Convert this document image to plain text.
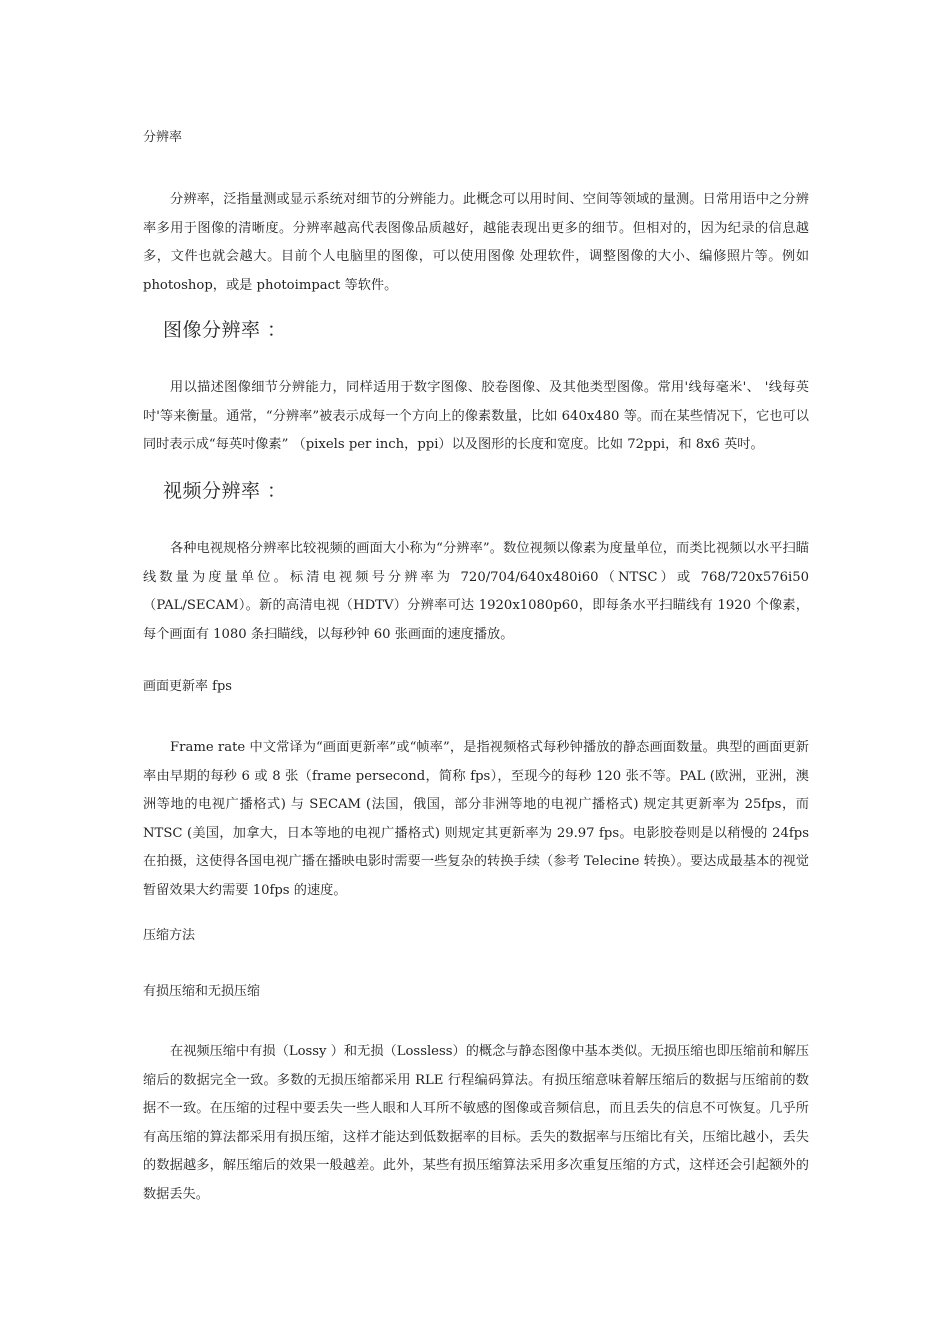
分辨率

分辨率，泛指量测或显示系统对细节的分辨能力。此概念可以用时间、空间等领域的量测。日常用语中之分辨率多用于图像的清晰度。分辨率越高代表图像品质越好，越能表现出更多的细节。但相对的，因为纪录的信息越多，文件也就会越大。目前个人电脑里的图像，可以使用图像 处理软件，调整图像的大小、编修照片等。例如 photoshop，或是 photoimpact 等软件。

图像分辨率 ：

用以描述图像细节分辨能力，同样适用于数字图像、胶卷图像、及其他类型图像。常用'线每毫米'、 '线每英吋'等来衡量。通常，“分辨率”被表示成每一个方向上的像素数量，比如 640x480 等。而在某些情况下，它也可以同时表示成“每英吋像素” （pixels per inch，ppi）以及图形的长度和宽度。比如 72ppi，和 8x6 英吋。

视频分辨率 ：

各种电视规格分辨率比较视频的画面大小称为“分辨率”。数位视频以像素为度量单位，而类比视频以水平扫瞄线数量为度量单位。标清电视频号分辨率为 720/704/640x480i60（NTSC）或 768/720x576i50（PAL/SECAM）。新的高清电视（HDTV）分辨率可达 1920x1080p60，即每条水平扫瞄线有 1920 个像素，每个画面有 1080 条扫瞄线，以每秒钟 60 张画面的速度播放。

画面更新率 fps

Frame rate 中文常译为“画面更新率”或“帧率”，是指视频格式每秒钟播放的静态画面数量。典型的画面更新率由早期的每秒 6 或 8 张（frame persecond，简称 fps），至现今的每秒 120 张不等。PAL (欧洲，亚洲，澳洲等地的电视广播格式) 与 SECAM (法国，俄国，部分非洲等地的电视广播格式) 规定其更新率为 25fps，而 NTSC (美国，加拿大，日本等地的电视广播格式) 则规定其更新率为 29.97 fps。电影胶卷则是以稍慢的 24fps 在拍摄，这使得各国电视广播在播映电影时需要一些复杂的转换手续（参考 Telecine 转换）。要达成最基本的视觉暂留效果大约需要 10fps 的速度。

压缩方法
有损压缩和无损压缩

在视频压缩中有损（Lossy ）和无损（Lossless）的概念与静态图像中基本类似。无损压缩也即压缩前和解压缩后的数据完全一致。多数的无损压缩都采用 RLE 行程编码算法。有损压缩意味着解压缩后的数据与压缩前的数据不一致。在压缩的过程中要丢失一些人眼和人耳所不敏感的图像或音频信息，而且丢失的信息不可恢复。几乎所有高压缩的算法都采用有损压缩，这样才能达到低数据率的目标。丢失的数据率与压缩比有关，压缩比越小，丢失的数据越多，解压缩后的效果一般越差。此外，某些有损压缩算法采用多次重复压缩的方式，这样还会引起额外的数据丢失。
